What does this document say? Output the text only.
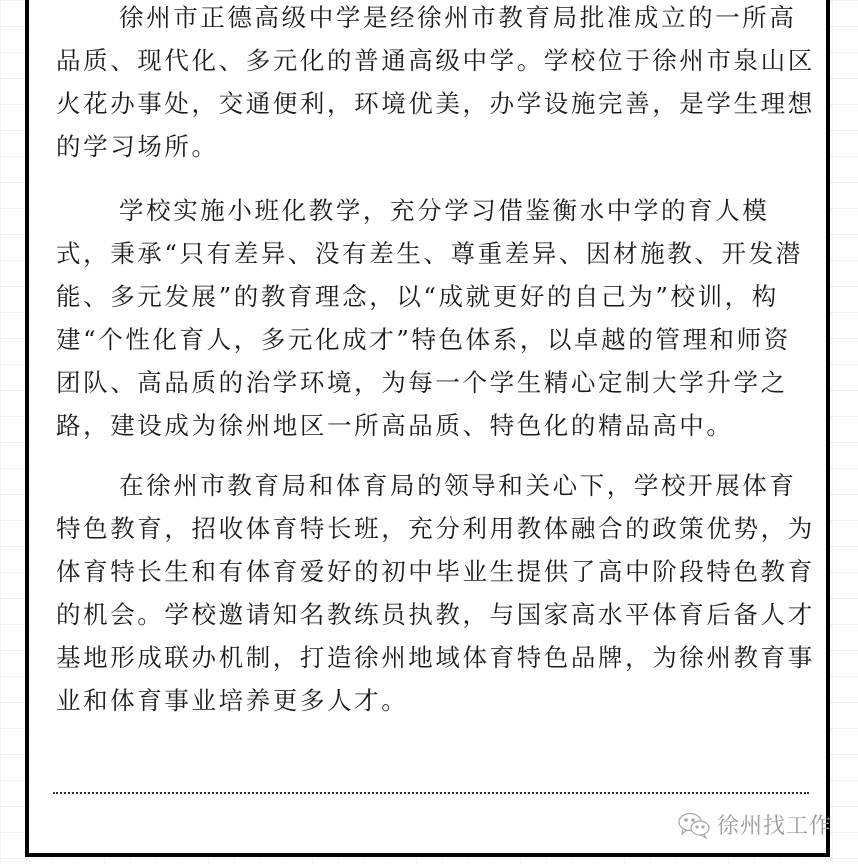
徐州市正德高级中学是经徐州市教育局批准成立的一所高
品质、现代化、多元化的普通高级中学。学校位于徐州市泉山区
火花办事处，交通便利，环境优美，办学设施完善，是学生理想
的学习场所。
学校实施小班化教学，充分学习借鉴衡水中学的育人模
式，秉承“只有差异、没有差生、尊重差异、因材施教、开发潜
能、多元发展”的教育理念，以“成就更好的自己为”校训，构
建“个性化育人，多元化成才”特色体系，以卓越的管理和师资
团队、高品质的治学环境，为每一个学生精心定制大学升学之
路，建设成为徐州地区一所高品质、特色化的精品高中。
在徐州市教育局和体育局的领导和关心下，学校开展体育
特色教育，招收体育特长班，充分利用教体融合的政策优势，为
体育特长生和有体育爱好的初中毕业生提供了高中阶段特色教育
的机会。学校邀请知名教练员执教，与国家高水平体育后备人才
基地形成联办机制，打造徐州地域体育特色品牌，为徐州教育事
业和体育事业培养更多人才。
徐州找工作
